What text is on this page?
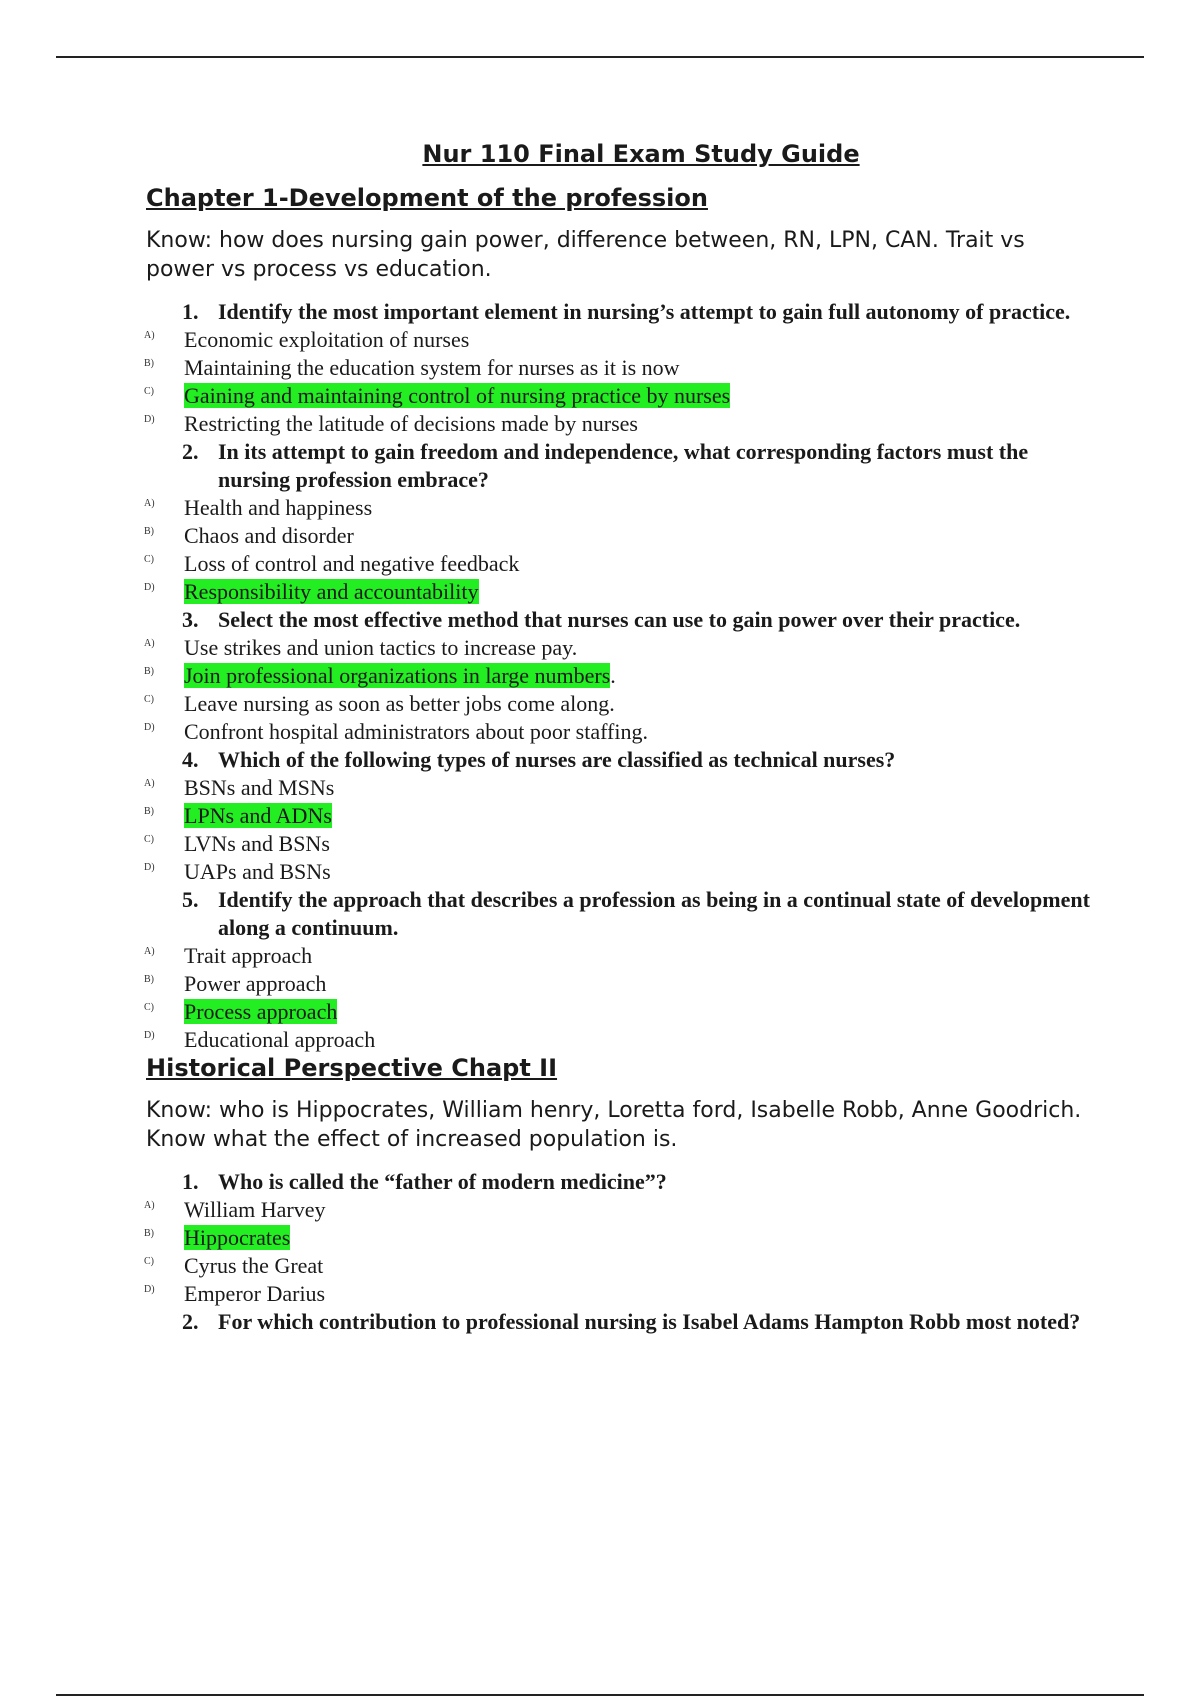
Nur 110 Final Exam Study Guide
Chapter 1-Development of the profession
Know: how does nursing gain power, difference between, RN, LPN, CAN. Trait vs power vs process vs education.
1. Identify the most important element in nursing’s attempt to gain full autonomy of practice.
A) Economic exploitation of nurses
B) Maintaining the education system for nurses as it is now
C) Gaining and maintaining control of nursing practice by nurses
D) Restricting the latitude of decisions made by nurses
2. In its attempt to gain freedom and independence, what corresponding factors must the nursing profession embrace?
A) Health and happiness
B) Chaos and disorder
C) Loss of control and negative feedback
D) Responsibility and accountability
3. Select the most effective method that nurses can use to gain power over their practice.
A) Use strikes and union tactics to increase pay.
B) Join professional organizations in large numbers.
C) Leave nursing as soon as better jobs come along.
D) Confront hospital administrators about poor staffing.
4. Which of the following types of nurses are classified as technical nurses?
A) BSNs and MSNs
B) LPNs and ADNs
C) LVNs and BSNs
D) UAPs and BSNs
5. Identify the approach that describes a profession as being in a continual state of development along a continuum.
A) Trait approach
B) Power approach
C) Process approach
D) Educational approach
Historical Perspective Chapt II
Know: who is Hippocrates, William henry, Loretta ford, Isabelle Robb, Anne Goodrich. Know what the effect of increased population is.
1. Who is called the “father of modern medicine”?
A) William Harvey
B) Hippocrates
C) Cyrus the Great
D) Emperor Darius
2. For which contribution to professional nursing is Isabel Adams Hampton Robb most noted?
